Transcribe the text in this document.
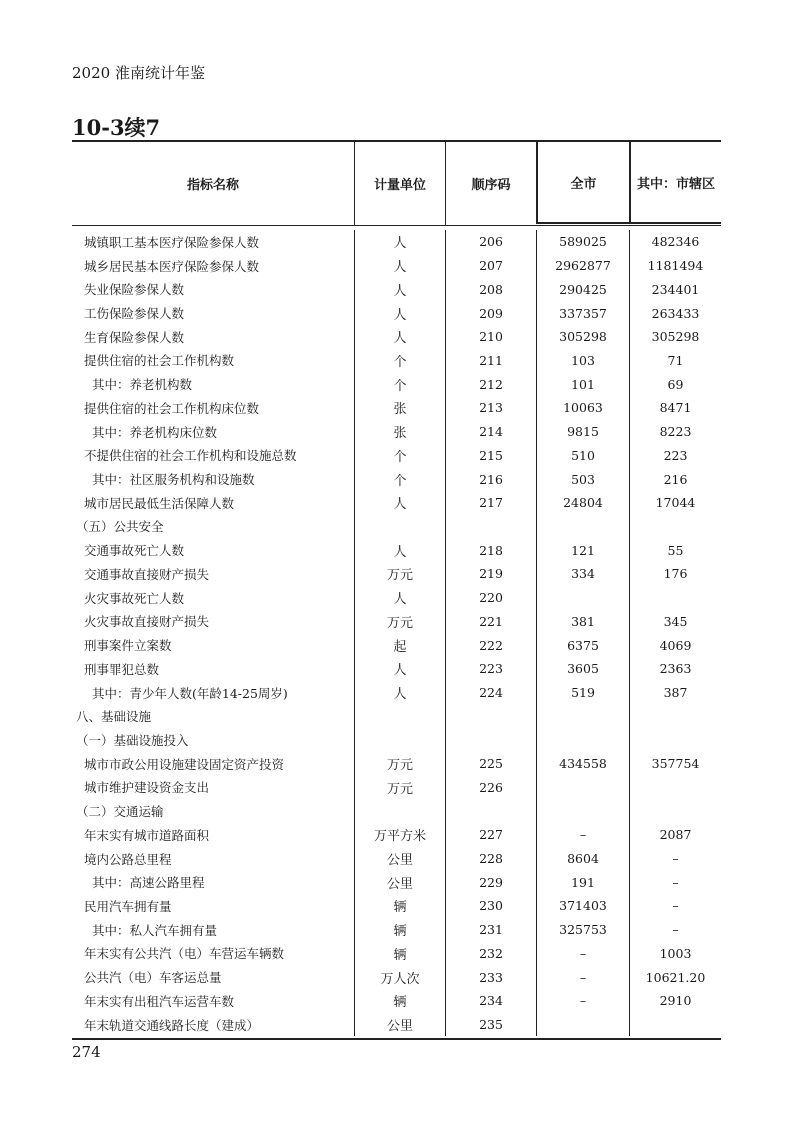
2020 淮南统计年鉴
10-3续7
指标名称	计量单位	顺序码	全市	其中：市辖区
城镇职工基本医疗保险参保人数	人	206	589025	482346
城乡居民基本医疗保险参保人数	人	207	2962877	1181494
失业保险参保人数	人	208	290425	234401
工伤保险参保人数	人	209	337357	263433
生育保险参保人数	人	210	305298	305298
提供住宿的社会工作机构数	个	211	103	71
其中：养老机构数	个	212	101	69
提供住宿的社会工作机构床位数	张	213	10063	8471
其中：养老机构床位数	张	214	9815	8223
不提供住宿的社会工作机构和设施总数	个	215	510	223
其中：社区服务机构和设施数	个	216	503	216
城市居民最低生活保障人数	人	217	24804	17044
（五）公共安全
交通事故死亡人数	人	218	121	55
交通事故直接财产损失	万元	219	334	176
火灾事故死亡人数	人	220
火灾事故直接财产损失	万元	221	381	345
刑事案件立案数	起	222	6375	4069
刑事罪犯总数	人	223	3605	2363
其中：青少年人数(年龄14-25周岁)	人	224	519	387
八、基础设施
（一）基础设施投入
城市市政公用设施建设固定资产投资	万元	225	434558	357754
城市维护建设资金支出	万元	226
（二）交通运输
年末实有城市道路面积	万平方米	227	–	2087
境内公路总里程	公里	228	8604	–
其中：高速公路里程	公里	229	191	–
民用汽车拥有量	辆	230	371403	–
其中：私人汽车拥有量	辆	231	325753	–
年末实有公共汽（电）车营运车辆数	辆	232	–	1003
公共汽（电）车客运总量	万人次	233	–	10621.20
年末实有出租汽车运营车数	辆	234	–	2910
年末轨道交通线路长度（建成）	公里	235
274
